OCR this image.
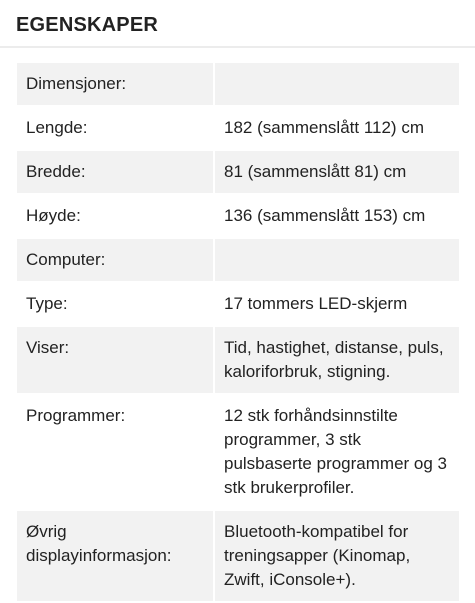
EGENSKAPER
Dimensjoner:	
Lengde:	182 (sammenslått 112) cm
Bredde:	81 (sammenslått 81) cm
Høyde:	136 (sammenslått 153) cm
Computer:	
Type:	17 tommers LED-skjerm
Viser:	Tid, hastighet, distanse, puls, kaloriforbruk, stigning.
Programmer:	12 stk forhåndsinnstilte programmer, 3 stk pulsbaserte programmer og 3 stk brukerprofiler.
Øvrig displayinformasjon:	Bluetooth-kompatibel for treningsapper (Kinomap, Zwift, iConsole+).
